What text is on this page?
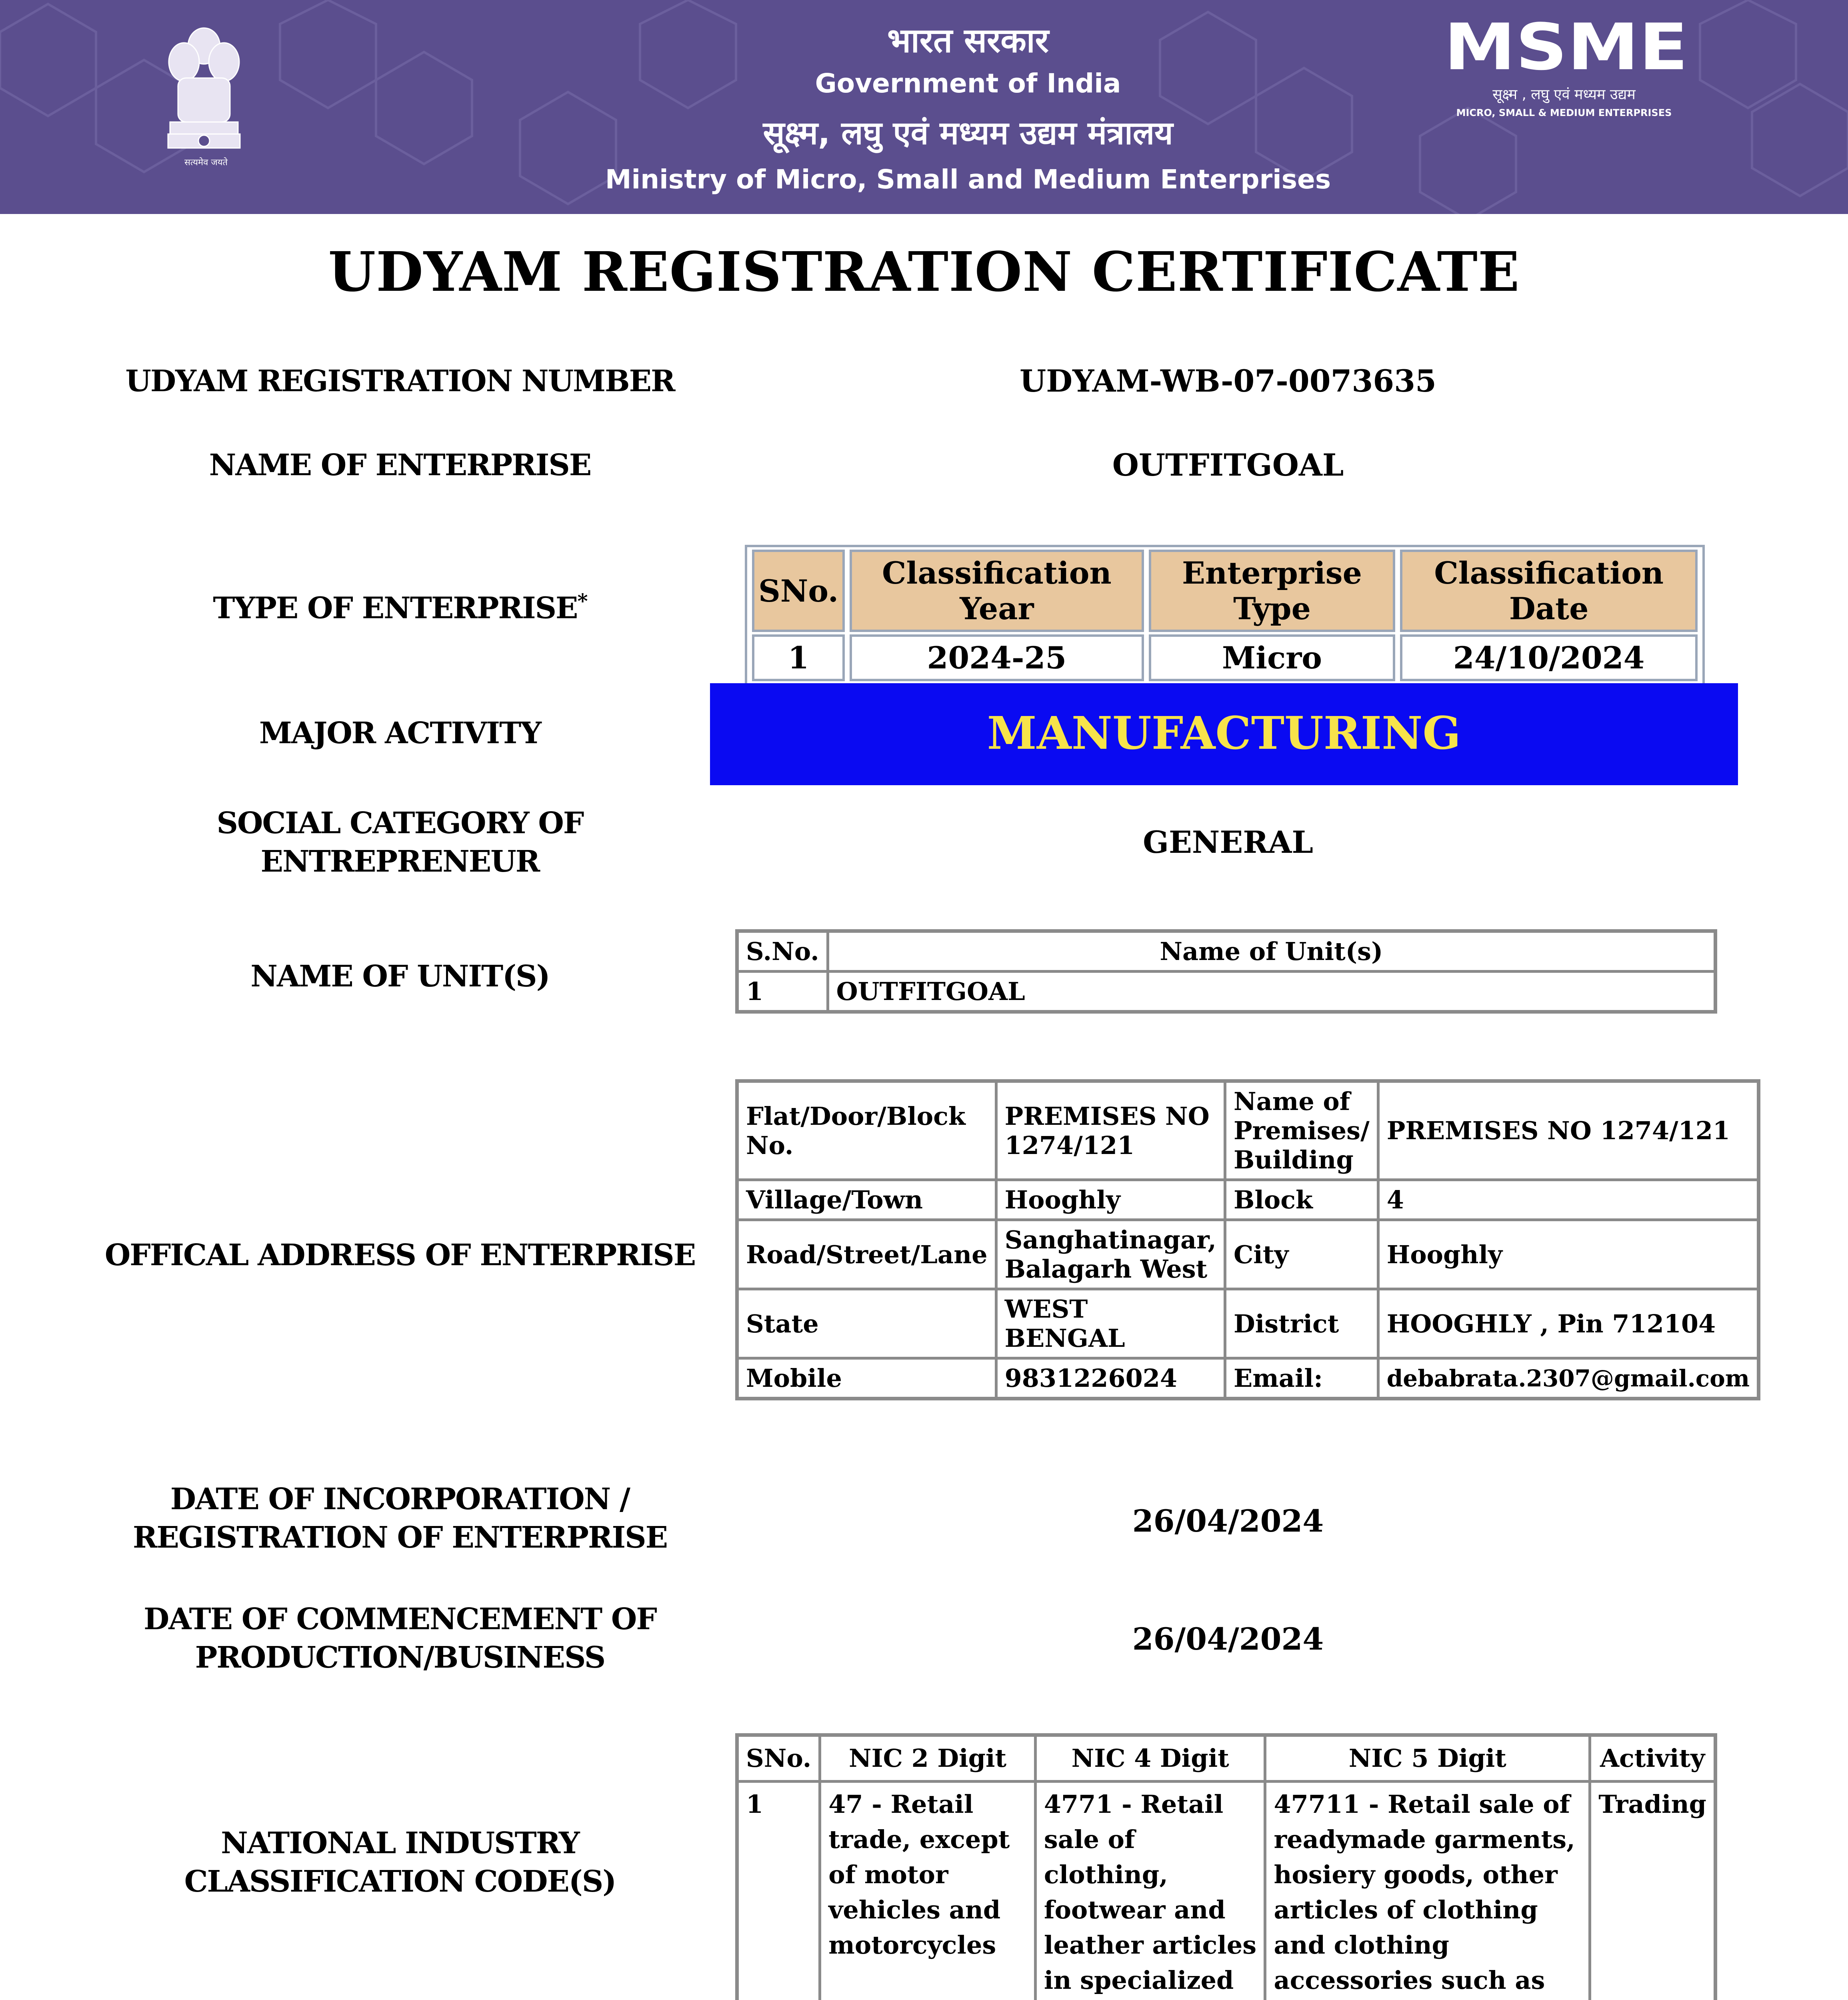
सत्यमेव जयते
भारत सरकार
Government of India
सूक्ष्म, लघु एवं मध्यम उद्यम मंत्रालय
Ministry of Micro, Small and Medium Enterprises
MSME
सूक्ष्म , लघु एवं मध्यम उद्यम
MICRO, SMALL & MEDIUM ENTERPRISES
UDYAM REGISTRATION CERTIFICATE
UDYAM REGISTRATION NUMBER	UDYAM-WB-07-0073635
NAME OF ENTERPRISE	OUTFITGOAL
TYPE OF ENTERPRISE*	SNo.	Classification Year	Enterprise Type	Classification Date
1	2024-25	Micro	24/10/2024
MAJOR ACTIVITY	MANUFACTURING
SOCIAL CATEGORY OF
ENTREPRENEUR
GENERAL
NAME OF UNIT(S)
S.No.	Name of Unit(s)
1	OUTFITGOAL
OFFICAL ADDRESS OF ENTERPRISE
Flat/Door/Block No.	PREMISES NO 1274/121	Name of Premises/ Building	PREMISES NO 1274/121
Village/Town	Hooghly	Block	4
Road/Street/Lane	Sanghatinagar, Balagarh West	City	Hooghly
State	WEST BENGAL	District	HOOGHLY , Pin 712104
Mobile	9831226024	Email:	debabrata.2307@gmail.com
DATE OF INCORPORATION /
REGISTRATION OF ENTERPRISE	26/04/2024
DATE OF COMMENCEMENT OF
PRODUCTION/BUSINESS
26/04/2024
NATIONAL INDUSTRY
CLASSIFICATION CODE(S)
SNo.	NIC 2 Digit	NIC 4 Digit	NIC 5 Digit	Activity
1	47 - Retail trade, except of motor vehicles and motorcycles	4771 - Retail sale of clothing, footwear and leather articles in specialized	47711 - Retail sale of readymade garments, hosiery goods, other articles of clothing and clothing accessories such as	Trading
